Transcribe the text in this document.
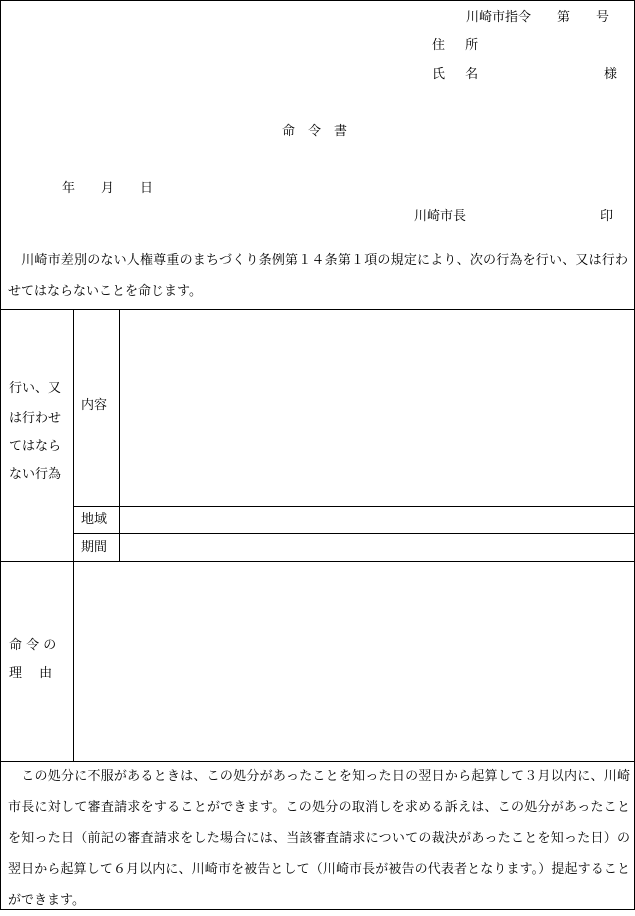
川崎市指令　　第　　号
住 所
氏 名	様
命　令　書
年　　月　　日
川崎市長	印
　川崎市差別のない人権尊重のまちづくり条例第１４条第１項の規定により、次の行為を行い、又は行わせてはならないことを命じます。
行い、又
は行わせ
てはなら
ない行為
内容
地域
期間
命 令 の
理　 由
　この処分に不服があるときは、この処分があったことを知った日の翌日から起算して３月以内に、川崎市長に対して審査請求をすることができます。この処分の取消しを求める訴えは、この処分があったことを知った日（前記の審査請求をした場合には、当該審査請求についての裁決があったことを知った日）の翌日から起算して６月以内に、川崎市を被告として（川崎市長が被告の代表者となります。）提起することができます。
